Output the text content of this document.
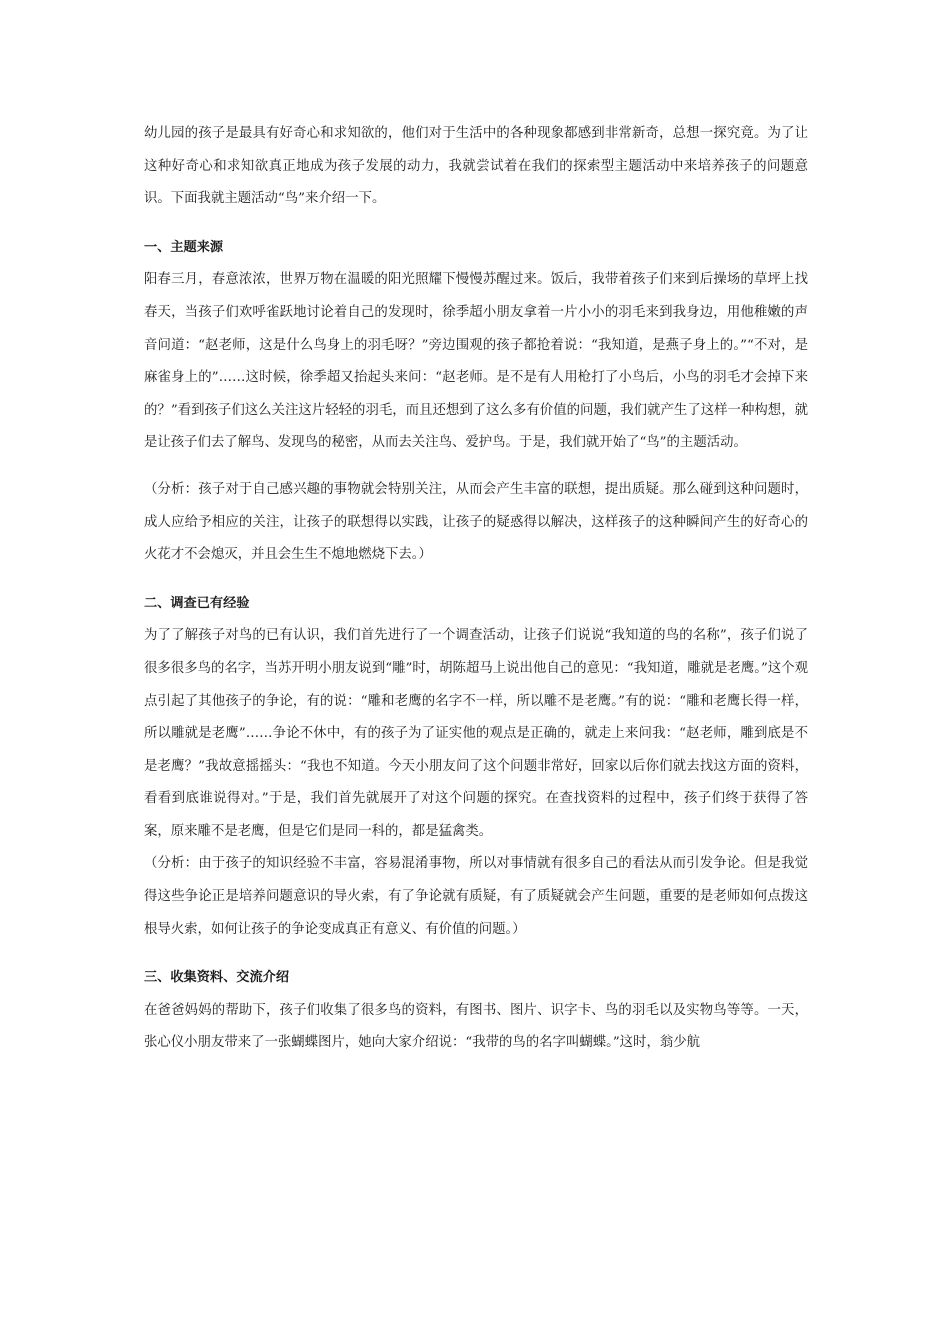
幼儿园的孩子是最具有好奇心和求知欲的，他们对于生活中的各种现象都感到非常新奇，总想一探究竟。为了让这种好奇心和求知欲真正地成为孩子发展的动力，我就尝试着在我们的探索型主题活动中来培养孩子的问题意识。下面我就主题活动“鸟”来介绍一下。

一、主题来源

阳春三月，春意浓浓，世界万物在温暖的阳光照耀下慢慢苏醒过来。饭后，我带着孩子们来到后操场的草坪上找春天，当孩子们欢呼雀跃地讨论着自己的发现时，徐季超小朋友拿着一片小小的羽毛来到我身边，用他稚嫩的声音问道：“赵老师，这是什么鸟身上的羽毛呀？”旁边围观的孩子都抢着说：“我知道，是燕子身上的。”“不对，是麻雀身上的”……这时候，徐季超又抬起头来问：“赵老师。是不是有人用枪打了小鸟后，小鸟的羽毛才会掉下来的？”看到孩子们这么关注这片轻轻的羽毛，而且还想到了这么多有价值的问题，我们就产生了这样一种构想，就是让孩子们去了解鸟、发现鸟的秘密，从而去关注鸟、爱护鸟。于是，我们就开始了“鸟”的主题活动。

（分析：孩子对于自己感兴趣的事物就会特别关注，从而会产生丰富的联想，提出质疑。那么碰到这种问题时，成人应给予相应的关注，让孩子的联想得以实践，让孩子的疑惑得以解决，这样孩子的这种瞬间产生的好奇心的火花才不会熄灭，并且会生生不熄地燃烧下去。）

二、调查已有经验

为了了解孩子对鸟的已有认识，我们首先进行了一个调查活动，让孩子们说说“我知道的鸟的名称”，孩子们说了很多很多鸟的名字，当苏开明小朋友说到“雕”时，胡陈超马上说出他自己的意见：“我知道，雕就是老鹰。”这个观点引起了其他孩子的争论，有的说：“雕和老鹰的名字不一样，所以雕不是老鹰。”有的说：“雕和老鹰长得一样，所以雕就是老鹰”……争论不休中，有的孩子为了证实他的观点是正确的，就走上来问我：“赵老师，雕到底是不是老鹰？”我故意摇摇头：“我也不知道。今天小朋友问了这个问题非常好，回家以后你们就去找这方面的资料，看看到底谁说得对。”于是，我们首先就展开了对这个问题的探究。在查找资料的过程中，孩子们终于获得了答案，原来雕不是老鹰，但是它们是同一科的，都是猛禽类。

（分析：由于孩子的知识经验不丰富，容易混淆事物，所以对事情就有很多自己的看法从而引发争论。但是我觉得这些争论正是培养问题意识的导火索，有了争论就有质疑，有了质疑就会产生问题，重要的是老师如何点拨这根导火索，如何让孩子的争论变成真正有意义、有价值的问题。）

三、收集资料、交流介绍

在爸爸妈妈的帮助下，孩子们收集了很多鸟的资料，有图书、图片、识字卡、鸟的羽毛以及实物鸟等等。一天，张心仪小朋友带来了一张蝴蝶图片，她向大家介绍说：“我带的鸟的名字叫蝴蝶。”这时，翁少航
